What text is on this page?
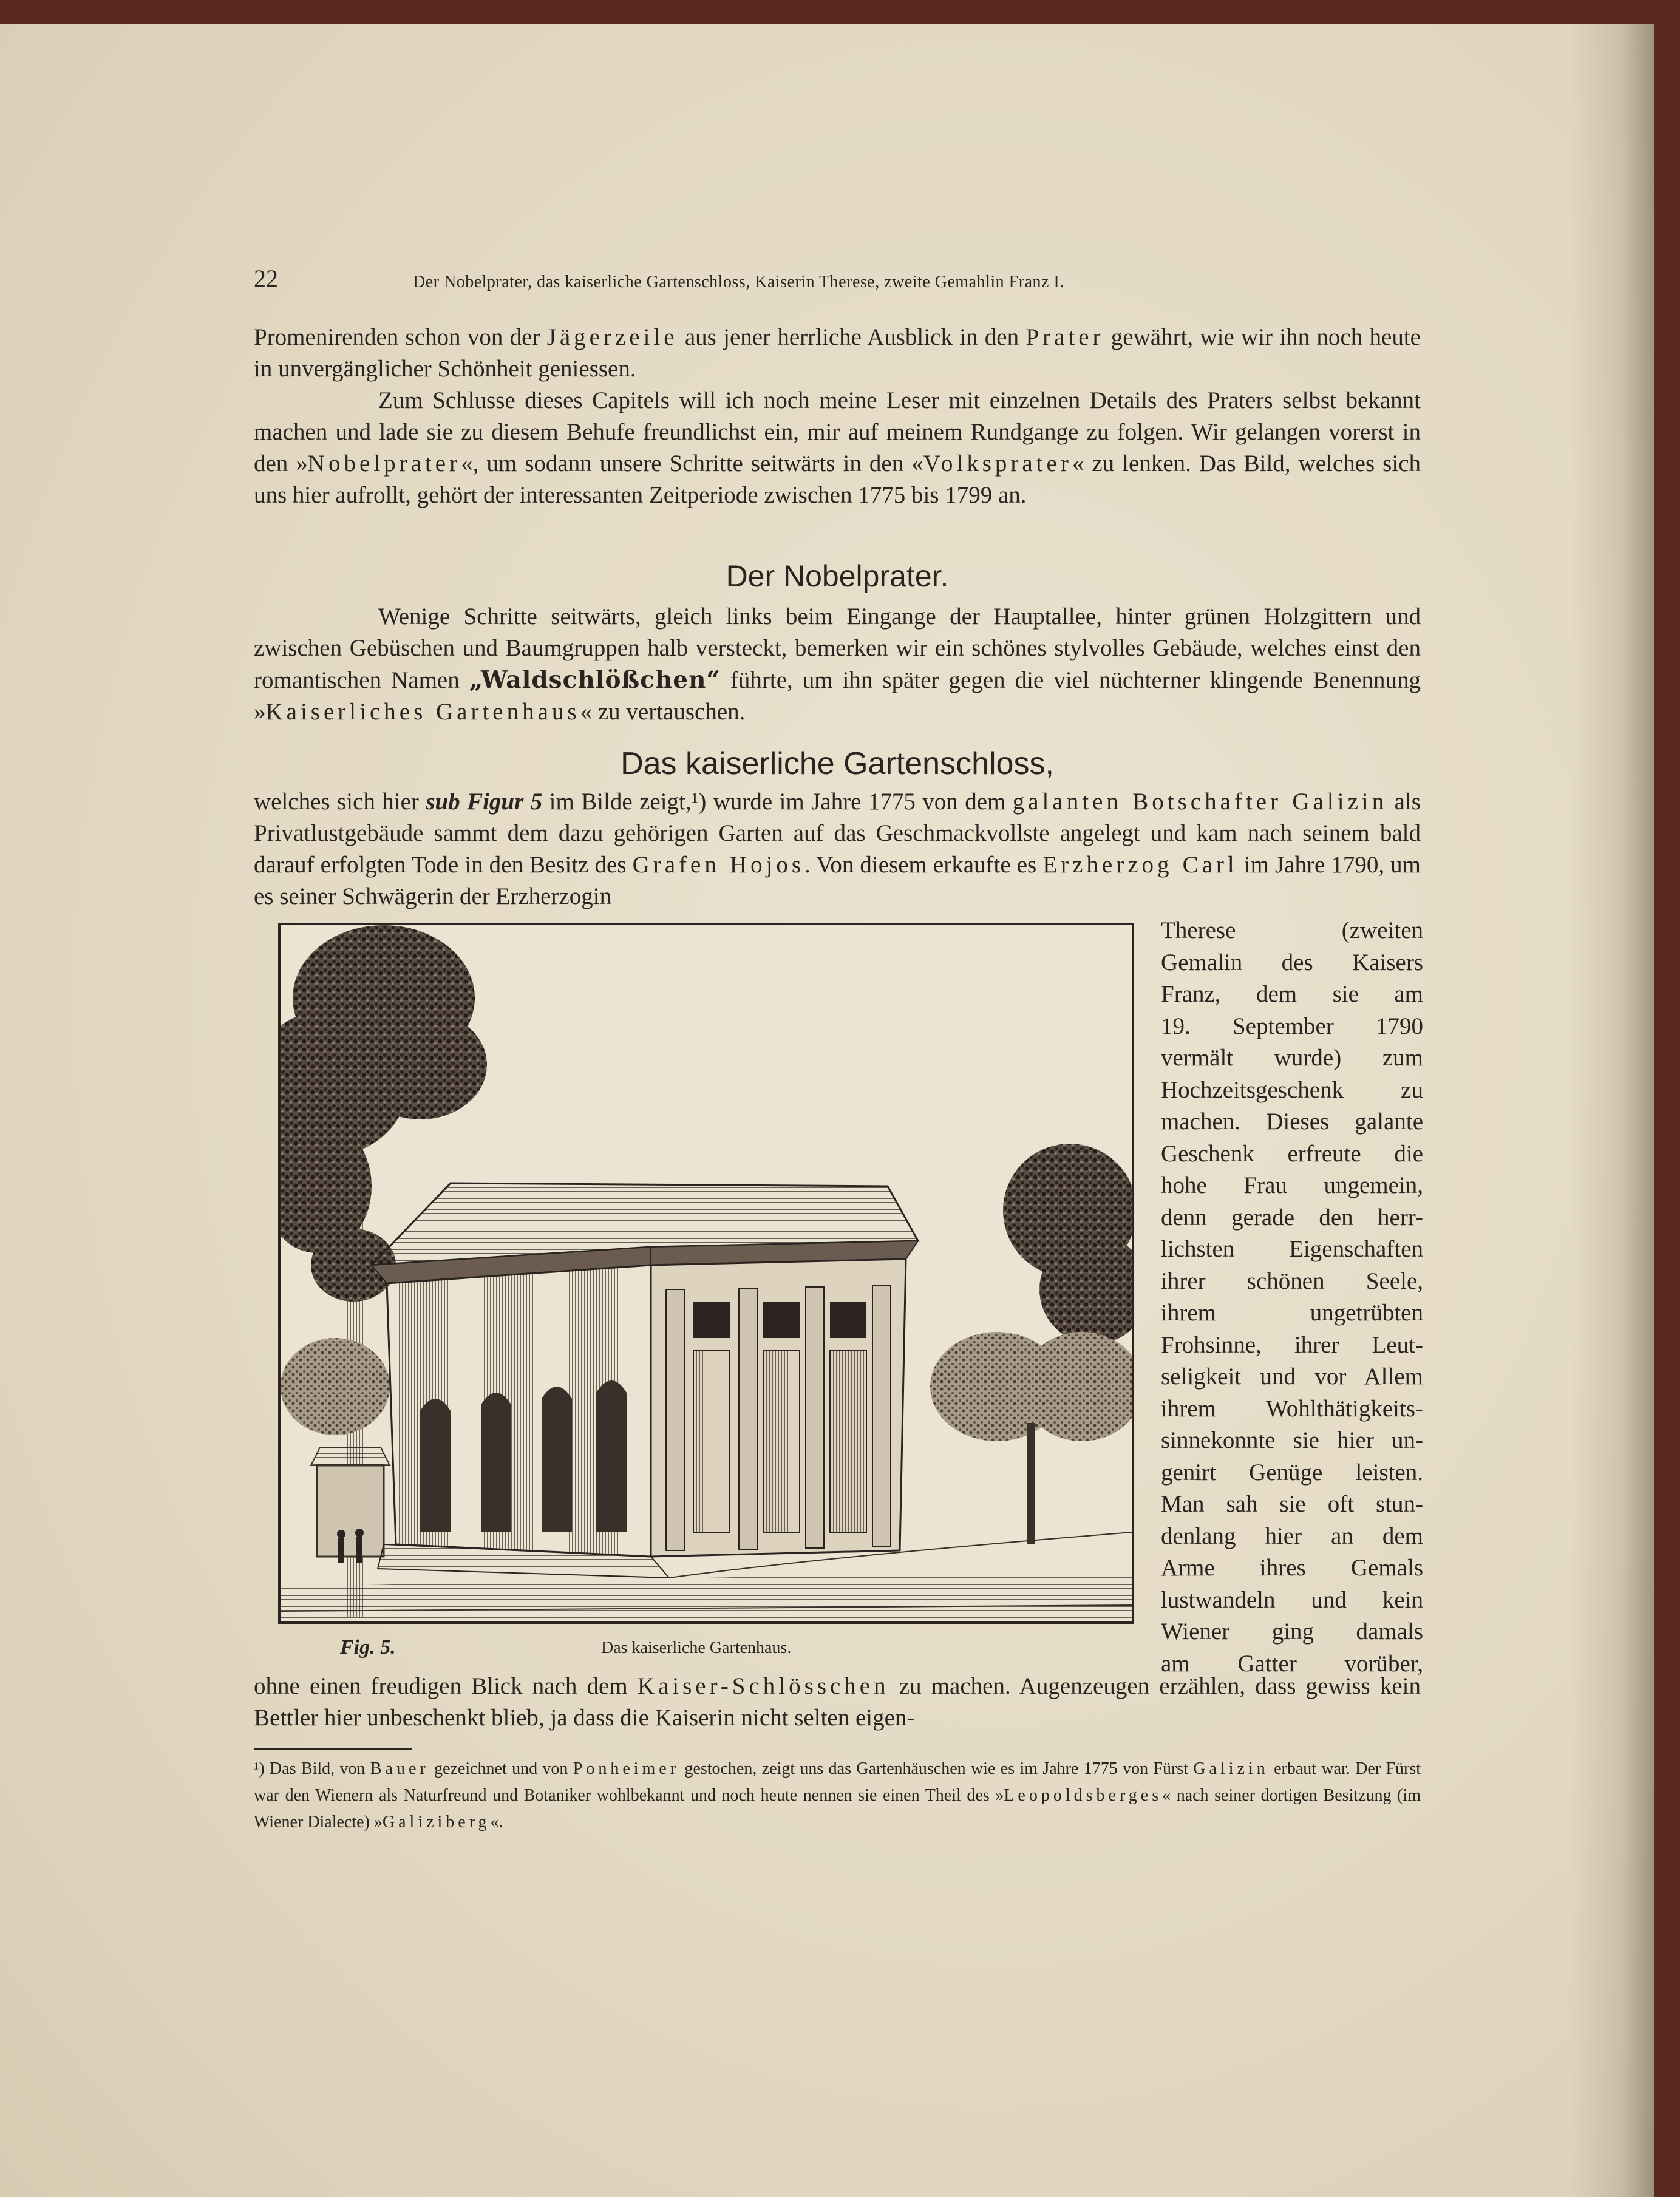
22	Der Nobelprater, das kaiserliche Gartenschloss, Kaiserin Therese, zweite Gemahlin Franz I.

Promenirenden schon von der Jägerzeile aus jener herrliche Ausblick in den Prater gewährt, wie wir ihn noch heute in unvergänglicher Schönheit geniessen.

Zum Schlusse dieses Capitels will ich noch meine Leser mit einzelnen Details des Praters selbst bekannt machen und lade sie zu diesem Behufe freundlichst ein, mir auf meinem Rundgange zu folgen. Wir gelangen vorerst in den »Nobelprater«, um sodann unsere Schritte seitwärts in den «Volksprater« zu lenken. Das Bild, welches sich uns hier aufrollt, gehört der interessanten Zeitperiode zwischen 1775 bis 1799 an.

Der Nobelprater.

Wenige Schritte seitwärts, gleich links beim Eingange der Hauptallee, hinter grünen Holzgittern und zwischen Gebüschen und Baumgruppen halb versteckt, bemerken wir ein schönes stylvolles Gebäude, welches einst den romantischen Namen „Waldschlößchen“ führte, um ihn später gegen die viel nüchterner klingende Benennung »Kaiserliches Gartenhaus« zu vertauschen.

Das kaiserliche Gartenschloss,

welches sich hier sub Figur 5 im Bilde zeigt,¹) wurde im Jahre 1775 von dem galanten Botschafter Galizin als Privatlustgebäude sammt dem dazu gehörigen Garten auf das Geschmackvollste angelegt und kam nach seinem bald darauf erfolgten Tode in den Besitz des Grafen Hojos. Von diesem erkaufte es Erzherzog Carl im Jahre 1790, um es seiner Schwägerin der Erzherzogin

Fig. 5.	Das kaiserliche Gartenhaus.
Therese (zweiten
Gemalin des Kaisers
Franz, dem sie am
19. September 1790
vermält wurde) zum
Hochzeitsgeschenk zu
machen. Dieses galante
Geschenk erfreute die
hohe Frau ungemein,
denn gerade den herr-
lichsten Eigenschaften
ihrer schönen Seele,
ihrem ungetrübten
Frohsinne, ihrer Leut-
seligkeit und vor Allem
ihrem Wohlthätigkeits-
sinnekonnte sie hier un-
genirt Genüge leisten.
Man sah sie oft stun-
denlang hier an dem
Arme ihres Gemals
lustwandeln und kein
Wiener ging damals
am Gatter vorüber,

ohne einen freudigen Blick nach dem Kaiser-Schlösschen zu machen. Augenzeugen erzählen, dass gewiss kein Bettler hier unbeschenkt blieb, ja dass die Kaiserin nicht selten eigen-

¹) Das Bild, von Bauer gezeichnet und von Ponheimer gestochen, zeigt uns das Gartenhäuschen wie es im Jahre 1775 von Fürst Galizin erbaut war. Der Fürst war den Wienern als Naturfreund und Botaniker wohlbekannt und noch heute nennen sie einen Theil des »Leopoldsberges« nach seiner dortigen Besitzung (im Wiener Dialecte) »Galiziberg«.
